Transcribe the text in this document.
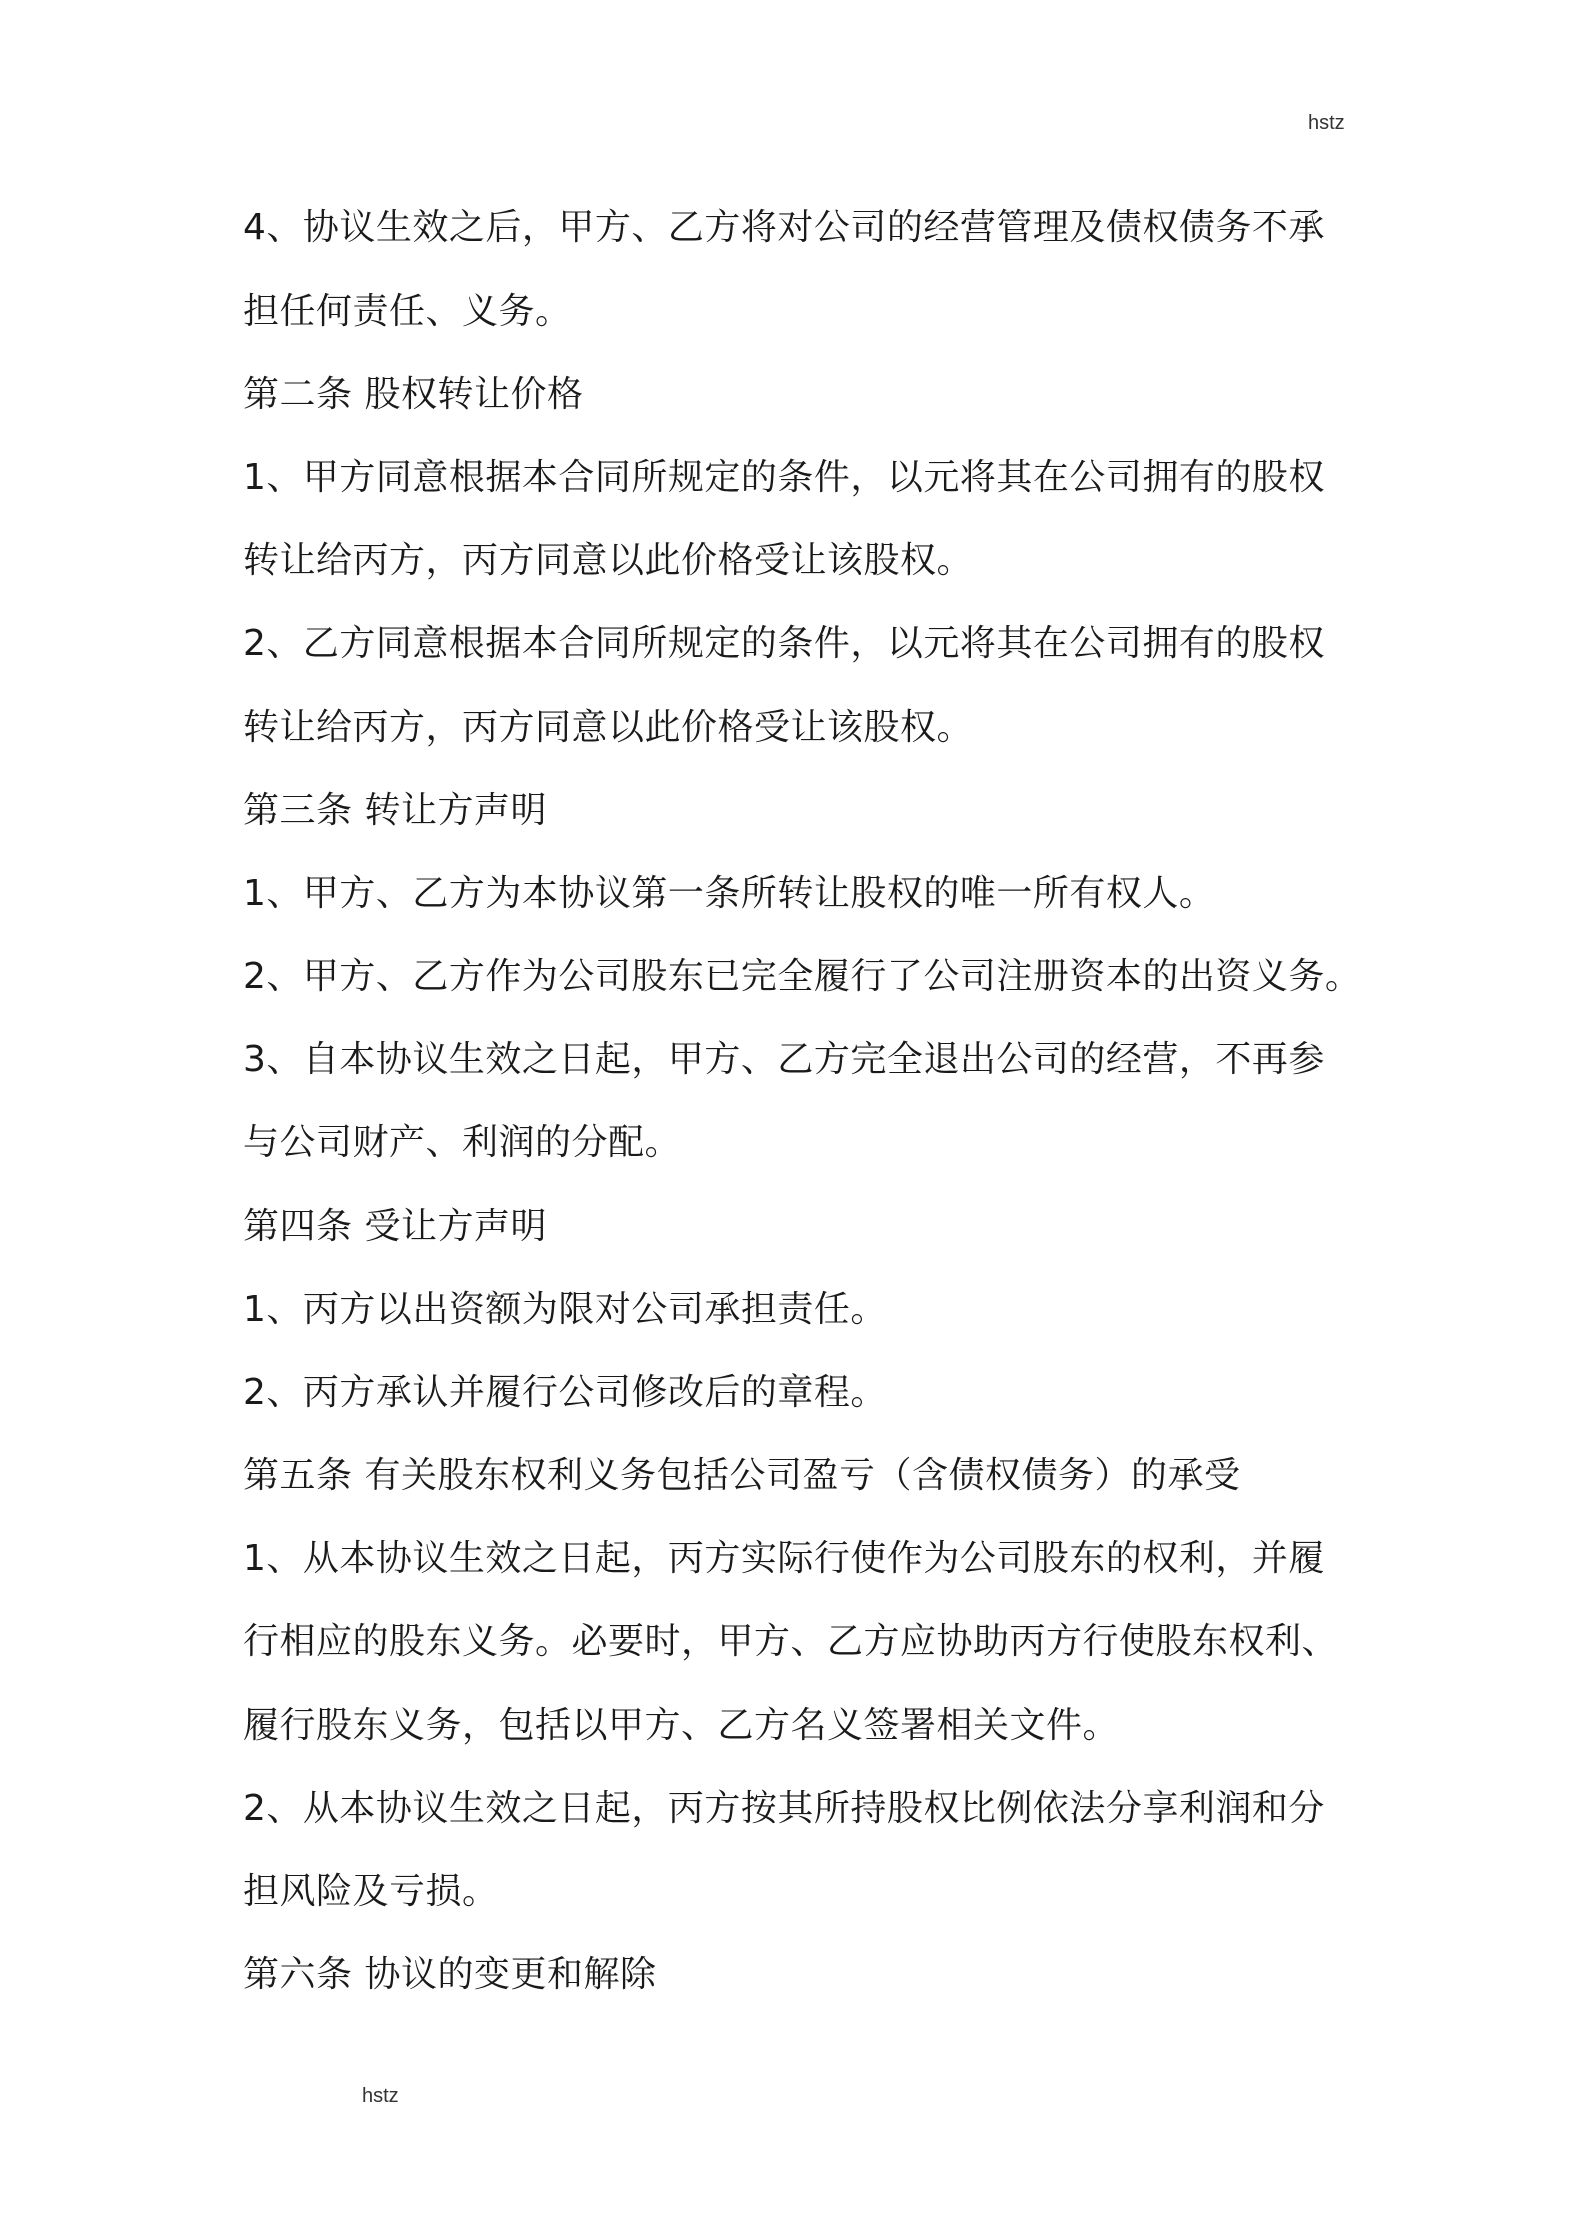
hstz
4、协议生效之后，甲方、乙方将对公司的经营管理及债权债务不承
担任何责任、义务。
第二条 股权转让价格
1、甲方同意根据本合同所规定的条件，以元将其在公司拥有的股权
转让给丙方，丙方同意以此价格受让该股权。
2、乙方同意根据本合同所规定的条件，以元将其在公司拥有的股权
转让给丙方，丙方同意以此价格受让该股权。
第三条 转让方声明
1、甲方、乙方为本协议第一条所转让股权的唯一所有权人。
2、甲方、乙方作为公司股东已完全履行了公司注册资本的出资义务。
3、自本协议生效之日起，甲方、乙方完全退出公司的经营，不再参
与公司财产、利润的分配。
第四条 受让方声明
1、丙方以出资额为限对公司承担责任。
2、丙方承认并履行公司修改后的章程。
第五条 有关股东权利义务包括公司盈亏（含债权债务）的承受
1、从本协议生效之日起，丙方实际行使作为公司股东的权利，并履
行相应的股东义务。必要时，甲方、乙方应协助丙方行使股东权利、
履行股东义务，包括以甲方、乙方名义签署相关文件。
2、从本协议生效之日起，丙方按其所持股权比例依法分享利润和分
担风险及亏损。
第六条 协议的变更和解除
hstz
